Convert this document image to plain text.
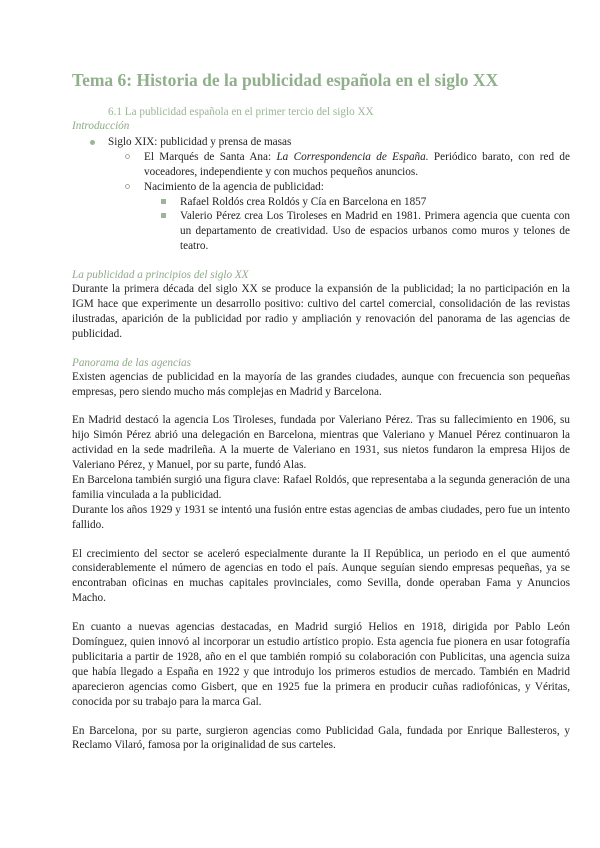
Tema 6: Historia de la publicidad española en el siglo XX
6.1 La publicidad española en el primer tercio del siglo XX
Introducción
Siglo XIX: publicidad y prensa de masas
El Marqués de Santa Ana: La Correspondencia de España. Periódico barato, con red de voceadores, independiente y con muchos pequeños anuncios.
Nacimiento de la agencia de publicidad:
Rafael Roldós crea Roldós y Cía en Barcelona en 1857
Valerio Pérez crea Los Tiroleses en Madrid en 1981. Primera agencia que cuenta con un departamento de creatividad. Uso de espacios urbanos como muros y telones de teatro.
La publicidad a principios del siglo XX

Durante la primera década del siglo XX se produce la expansión de la publicidad; la no participación en la IGM hace que experimente un desarrollo positivo: cultivo del cartel comercial, consolidación de las revistas ilustradas, aparición de la publicidad por radio y ampliación y renovación del panorama de las agencias de publicidad.

Panorama de las agencias

Existen agencias de publicidad en la mayoría de las grandes ciudades, aunque con frecuencia son pequeñas empresas, pero siendo mucho más complejas en Madrid y Barcelona.

En Madrid destacó la agencia Los Tiroleses, fundada por Valeriano Pérez. Tras su fallecimiento en 1906, su hijo Simón Pérez abrió una delegación en Barcelona, mientras que Valeriano y Manuel Pérez continuaron la actividad en la sede madrileña. A la muerte de Valeriano en 1931, sus nietos fundaron la empresa Hijos de Valeriano Pérez, y Manuel, por su parte, fundó Alas.

En Barcelona también surgió una figura clave: Rafael Roldós, que representaba a la segunda generación de una familia vinculada a la publicidad.

Durante los años 1929 y 1931 se intentó una fusión entre estas agencias de ambas ciudades, pero fue un intento fallido.

El crecimiento del sector se aceleró especialmente durante la II República, un periodo en el que aumentó considerablemente el número de agencias en todo el país. Aunque seguían siendo empresas pequeñas, ya se encontraban oficinas en muchas capitales provinciales, como Sevilla, donde operaban Fama y Anuncios Macho.

En cuanto a nuevas agencias destacadas, en Madrid surgió Helios en 1918, dirigida por Pablo León Domínguez, quien innovó al incorporar un estudio artístico propio. Esta agencia fue pionera en usar fotografía publicitaria a partir de 1928, año en el que también rompió su colaboración con Publicitas, una agencia suiza que había llegado a España en 1922 y que introdujo los primeros estudios de mercado. También en Madrid aparecieron agencias como Gisbert, que en 1925 fue la primera en producir cuñas radiofónicas, y Véritas, conocida por su trabajo para la marca Gal.

En Barcelona, por su parte, surgieron agencias como Publicidad Gala, fundada por Enrique Ballesteros, y Reclamo Vilaró, famosa por la originalidad de sus carteles.
